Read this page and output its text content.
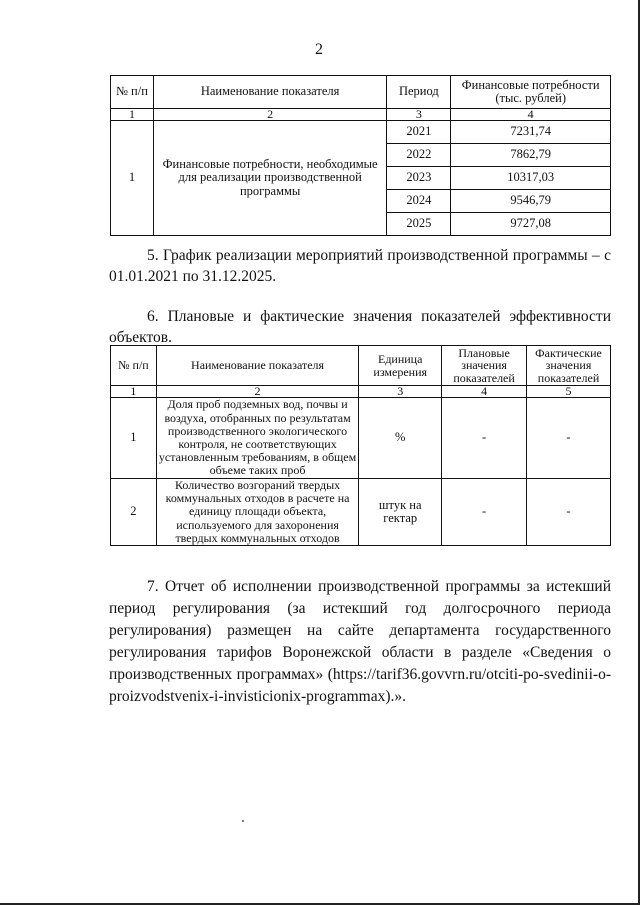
2
№ п/п	Наименование показателя	Период	Финансовые потребности (тыс. рублей)
1	2	3	4
1	Финансовые потребности, необходимые для реализации производственной программы	2021	7231,74
		2022	7862,79
		2023	10317,03
		2024	9546,79
		2025	9727,08
5. График реализации мероприятий производственной программы – с
01.01.2021 по 31.12.2025.
6. Плановые и фактические значения показателей эффективности
объектов.
№ п/п	Наименование показателя	Единица измерения	Плановые значения показателей	Фактические значения показателей
1	2	3	4	5
1	Доля проб подземных вод, почвы и воздуха, отобранных по результатам производственного экологического контроля, не соответствующих установленным требованиям, в общем объеме таких проб	%	-	-
2	Количество возгораний твердых коммунальных отходов в расчете на единицу площади объекта, используемого для захоронения твердых коммунальных отходов	штук на гектар	-	-
7. Отчет об исполнении производственной программы за истекший
период регулирования (за истекший год долгосрочного периода
регулирования) размещен на сайте департамента государственного
регулирования тарифов Воронежской области в разделе «Сведения о
производственных программах» (https://tarif36.govvrn.ru/otciti-po-svedinii-o-
proizvodstvenix-i-invisticionix-programmax).».
